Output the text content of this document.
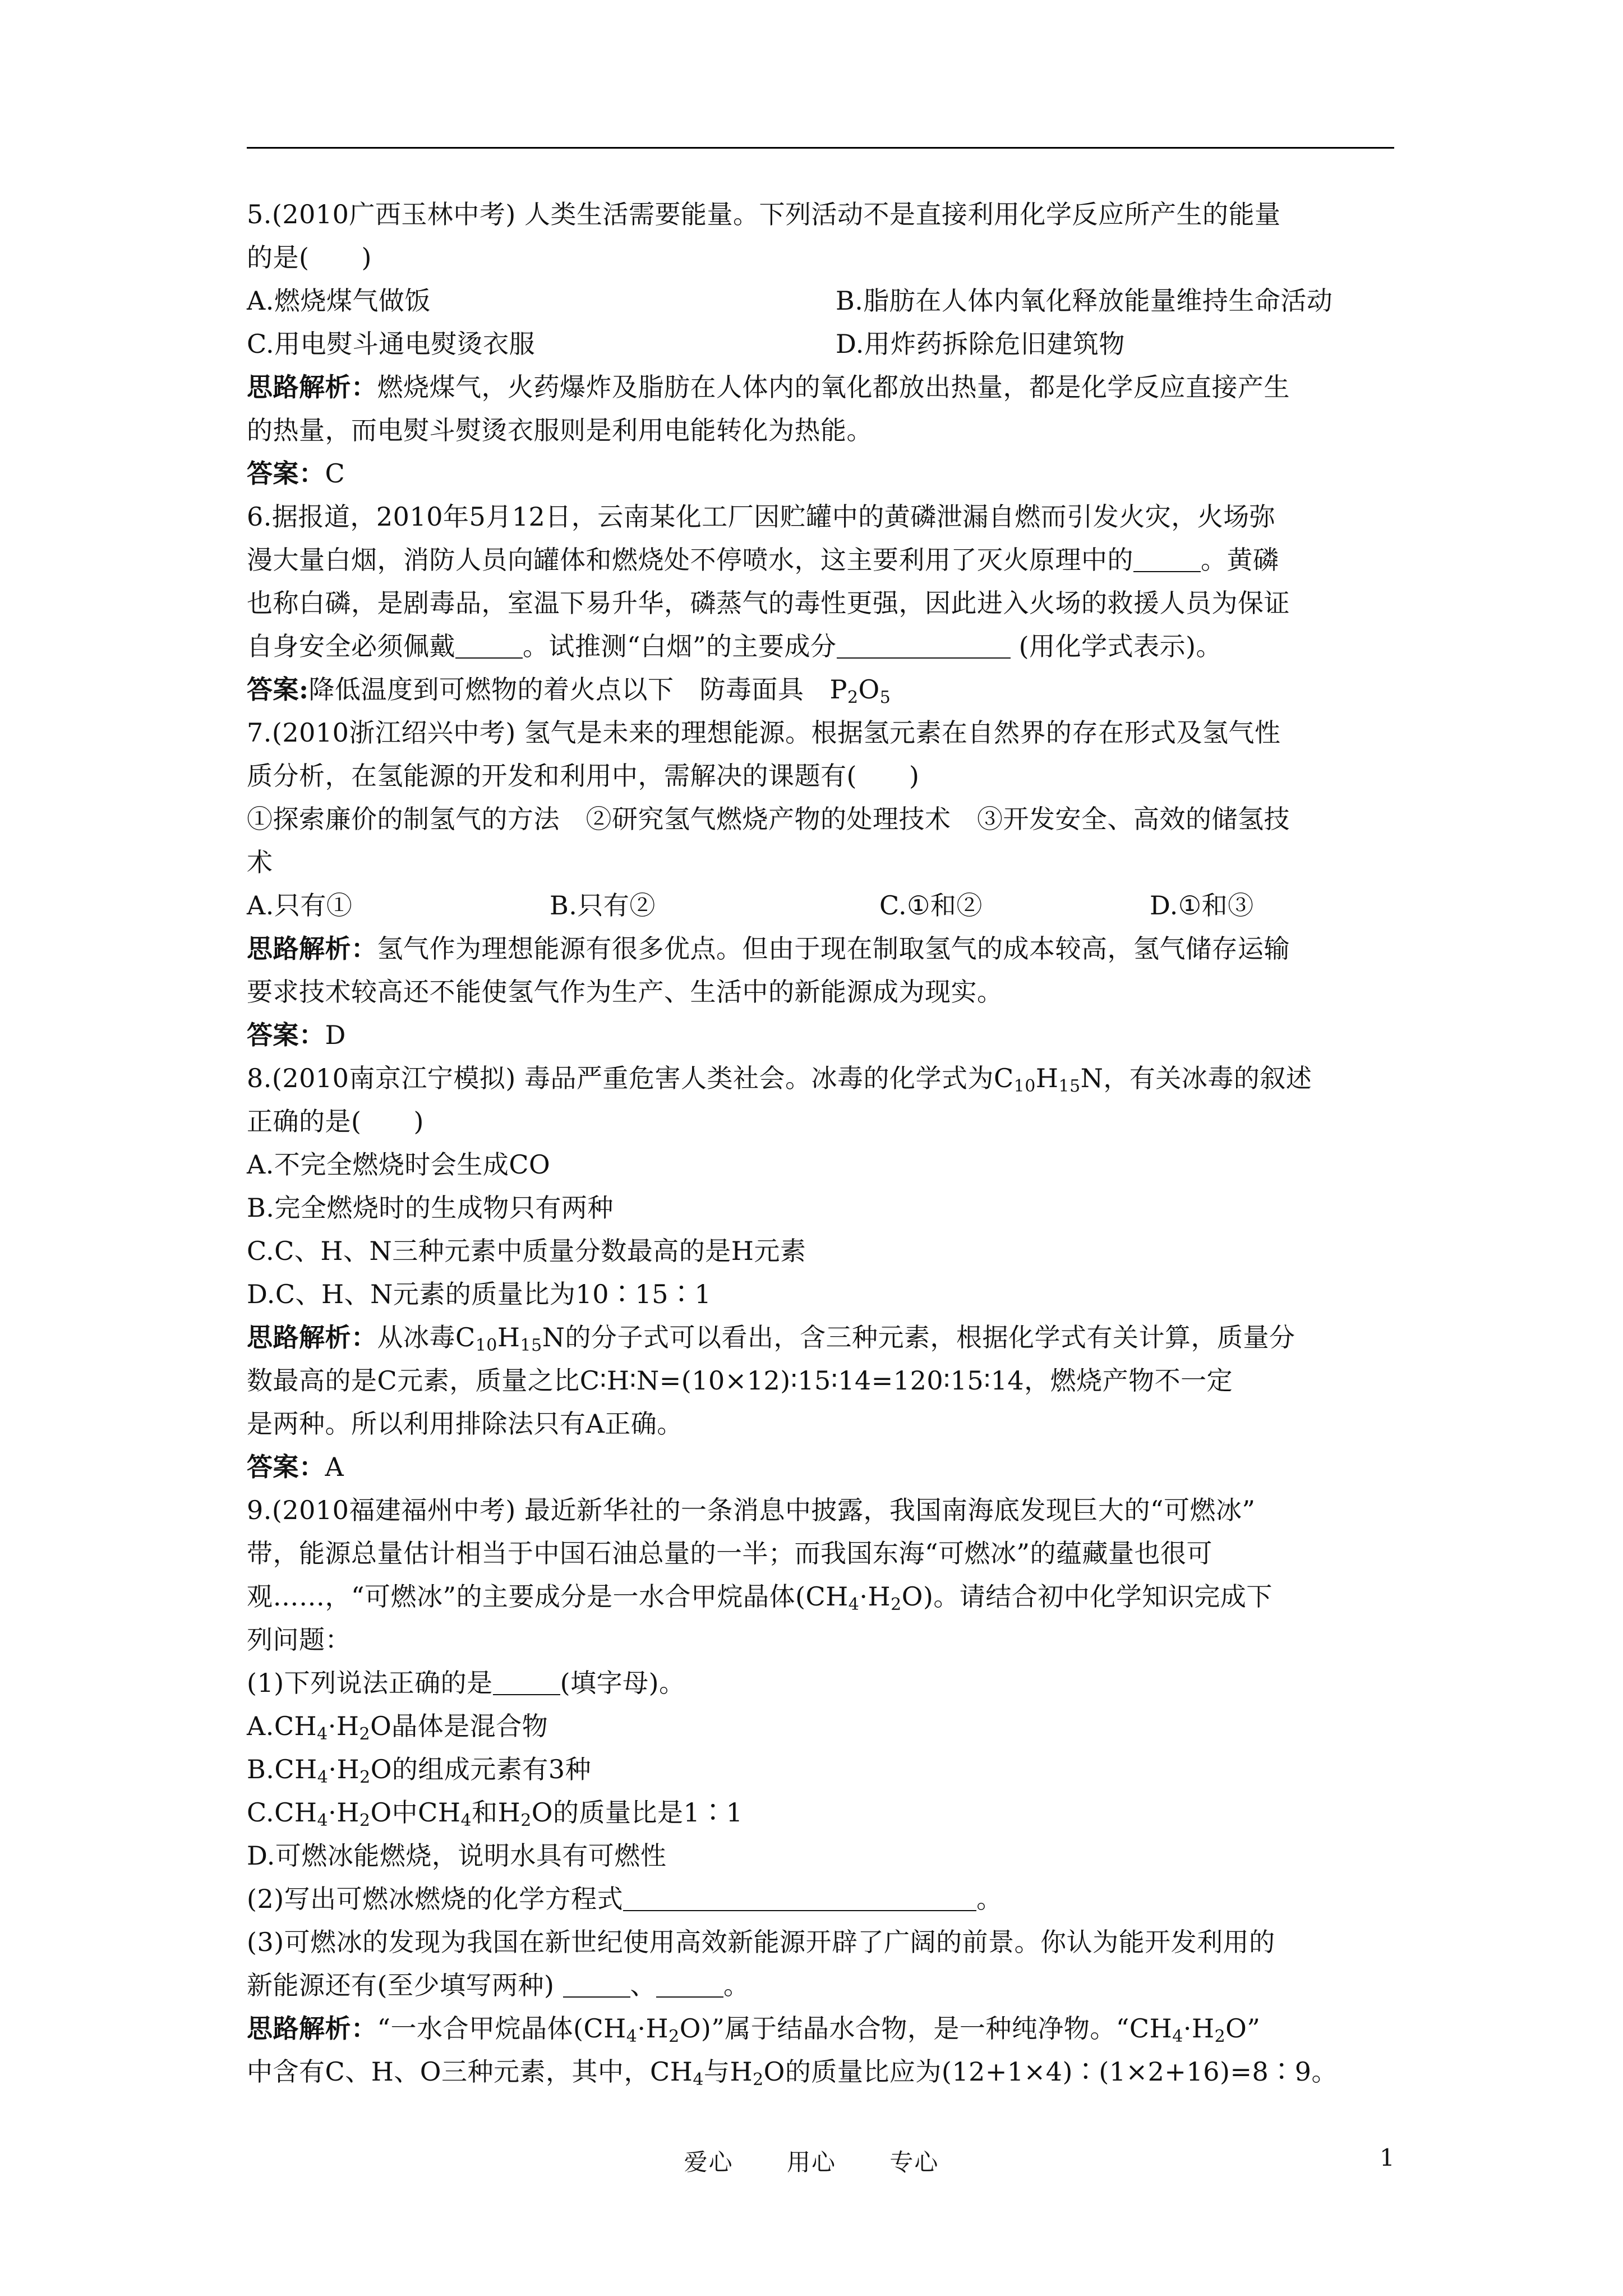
5.(2010广西玉林中考) 人类生活需要能量。下列活动不是直接利用化学反应所产生的能量
的是(　　)
A.燃烧煤气做饭	B.脂肪在人体内氧化释放能量维持生命活动
C.用电熨斗通电熨烫衣服	D.用炸药拆除危旧建筑物
思路解析：燃烧煤气，火药爆炸及脂肪在人体内的氧化都放出热量，都是化学反应直接产生
的热量，而电熨斗熨烫衣服则是利用电能转化为热能。
答案：C
6.据报道，2010年5月12日，云南某化工厂因贮罐中的黄磷泄漏自燃而引发火灾，火场弥
漫大量白烟，消防人员向罐体和燃烧处不停喷水，这主要利用了灭火原理中的	。黄磷
也称白磷，是剧毒品，室温下易升华，磷蒸气的毒性更强，因此进入火场的救援人员为保证
自身安全必须佩戴	。试推测“白烟”的主要成分	(用化学式表示)。
答案:降低温度到可燃物的着火点以下 防毒面具 $P_2O_5$
7.(2010浙江绍兴中考) 氢气是未来的理想能源。根据氢元素在自然界的存在形式及氢气性
质分析，在氢能源的开发和利用中，需解决的课题有(　　)
①探索廉价的制氢气的方法　②研究氢气燃烧产物的处理技术　③开发安全、高效的储氢技
术
A.只有①	B.只有②	C.①和②	D.①和③
思路解析：氢气作为理想能源有很多优点。但由于现在制取氢气的成本较高，氢气储存运输
要求技术较高还不能使氢气作为生产、生活中的新能源成为现实。
答案：D
8.(2010南京江宁模拟) 毒品严重危害人类社会。冰毒的化学式为$C_{10}H_{15}N$，有关冰毒的叙述
正确的是(　　)
A.不完全燃烧时会生成CO
B.完全燃烧时的生成物只有两种
C.C、H、N三种元素中质量分数最高的是H元素
D.C、H、N元素的质量比为10∶15∶1
思路解析：从冰毒$C_{10}H_{15}N$的分子式可以看出，含三种元素，根据化学式有关计算，质量分
数最高的是C元素，质量之比C∶H∶N=(10×12)∶15∶14=120∶15∶14，燃烧产物不一定
是两种。所以利用排除法只有A正确。
答案：A
9.(2010福建福州中考) 最近新华社的一条消息中披露，我国南海底发现巨大的“可燃冰”
带，能源总量估计相当于中国石油总量的一半；而我国东海“可燃冰”的蕴藏量也很可
观……，“可燃冰”的主要成分是一水合甲烷晶体$(CH_4\cdot H_2O)$。请结合初中化学知识完成下
列问题：
(1)下列说法正确的是	(填字母)。
$A.CH_4\cdot H_2O$晶体是混合物
$B.CH_4\cdot H_2O$的组成元素有3种
$C.CH_4\cdot H_2O$中$CH_4$和$H_2O$的质量比是1∶1
D.可燃冰能燃烧，说明水具有可燃性
(2)写出可燃冰燃烧的化学方程式	。
(3)可燃冰的发现为我国在新世纪使用高效新能源开辟了广阔的前景。你认为能开发利用的
新能源还有(至少填写两种)	、	。
思路解析：“一水合甲烷晶体$(CH_4\cdot H_2O)$”属于结晶水合物，是一种纯净物。“$CH_4\cdot H_2O$”
中含有C、H、O三种元素，其中，$CH_4$与$H_2O$的质量比应为(12+1×4)∶(1×2+16)=8∶9。
爱心 用心 专心	1
